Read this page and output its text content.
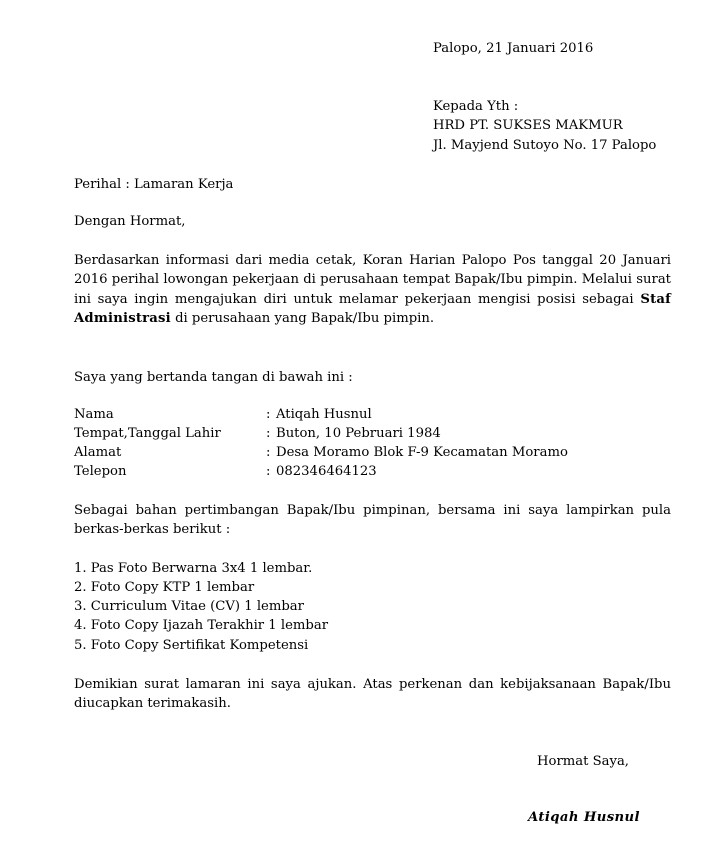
Palopo, 21 Januari 2016
Kepada Yth :
HRD PT. SUKSES MAKMUR
Jl. Mayjend Sutoyo No. 17 Palopo
Perihal : Lamaran Kerja
Dengan Hormat,
Berdasarkan informasi dari media cetak, Koran Harian Palopo Pos tanggal 20 Januari 2016 perihal lowongan pekerjaan di perusahaan tempat Bapak/Ibu pimpin. Melalui surat ini saya ingin mengajukan diri untuk melamar pekerjaan mengisi posisi sebagai Staf Administrasi di perusahaan yang Bapak/Ibu pimpin.
Saya yang bertanda tangan di bawah ini :
Nama	: Atiqah Husnul
Tempat,Tanggal Lahir	: Buton, 10 Pebruari 1984
Alamat	: Desa Moramo Blok F-9 Kecamatan Moramo
Telepon	: 082346464123
Sebagai bahan pertimbangan Bapak/Ibu pimpinan, bersama ini saya lampirkan pula berkas-berkas berikut :
1. Pas Foto Berwarna 3x4 1 lembar.
2. Foto Copy KTP 1 lembar
3. Curriculum Vitae (CV) 1 lembar
4. Foto Copy Ijazah Terakhir 1 lembar
5. Foto Copy Sertifikat Kompetensi
Demikian surat lamaran ini saya ajukan. Atas perkenan dan kebijaksanaan Bapak/Ibu diucapkan terimakasih.
Hormat Saya,
Atiqah Husnul
